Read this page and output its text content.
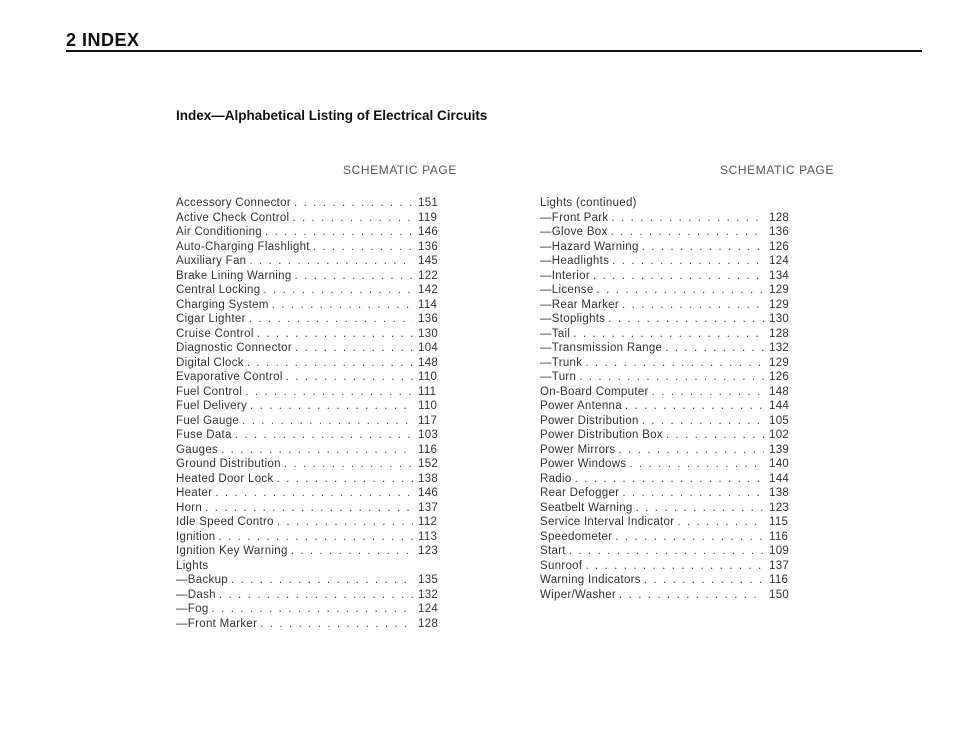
2 INDEX
Index—Alphabetical Listing of Electrical Circuits
SCHEMATIC PAGE	SCHEMATIC PAGE
Accessory Connector . . .	151
Active Check Control . . .	119
Air Conditioning . . .	146
Auto-Charging Flashlight . . .	136
Auxiliary Fan . . .	145
Brake Lining Warning . . .	122
Central Locking . . .	142
Charging System . . .	114
Cigar Lighter . . .	136
Cruise Control . . .	130
Diagnostic Connector . . .	104
Digital Clock . . .	148
Evaporative Control . . .	110
Fuel Control . . .	111
Fuel Delivery . . .	110
Fuel Gauge . . .	117
Fuse Data . . .	103
Gauges . . .	116
Ground Distribution . . .	152
Heated Door Lock . . .	138
Heater . . .	146
Horn . . .	137
Idle Speed Contro . . .	112
Ignition . . .	113
Ignition Key Warning . . .	123
Lights
—Backup . . .	135
—Dash . . .	132
—Fog . . .	124
—Front Marker . . .	128
Lights (continued)
—Front Park . . .	128
—Glove Box . . .	136
—Hazard Warning . . .	126
—Headlights . . .	124
—Interior . . .	134
—License . . .	129
—Rear Marker . . .	129
—Stoplights . . .	130
—Tail . . .	128
—Transmission Range . . .	132
—Trunk . . .	129
—Turn . . .	126
On-Board Computer . . .	148
Power Antenna . . .	144
Power Distribution . . .	105
Power Distribution Box . . .	102
Power Mirrors . . .	139
Power Windows . . .	140
Radio . . .	144
Rear Defogger . . .	138
Seatbelt Warning . . .	123
Service Interval Indicator . . .	115
Speedometer . . .	116
Start . . .	109
Sunroof . . .	137
Warning Indicators . . .	116
Wiper/Washer . . .	150
